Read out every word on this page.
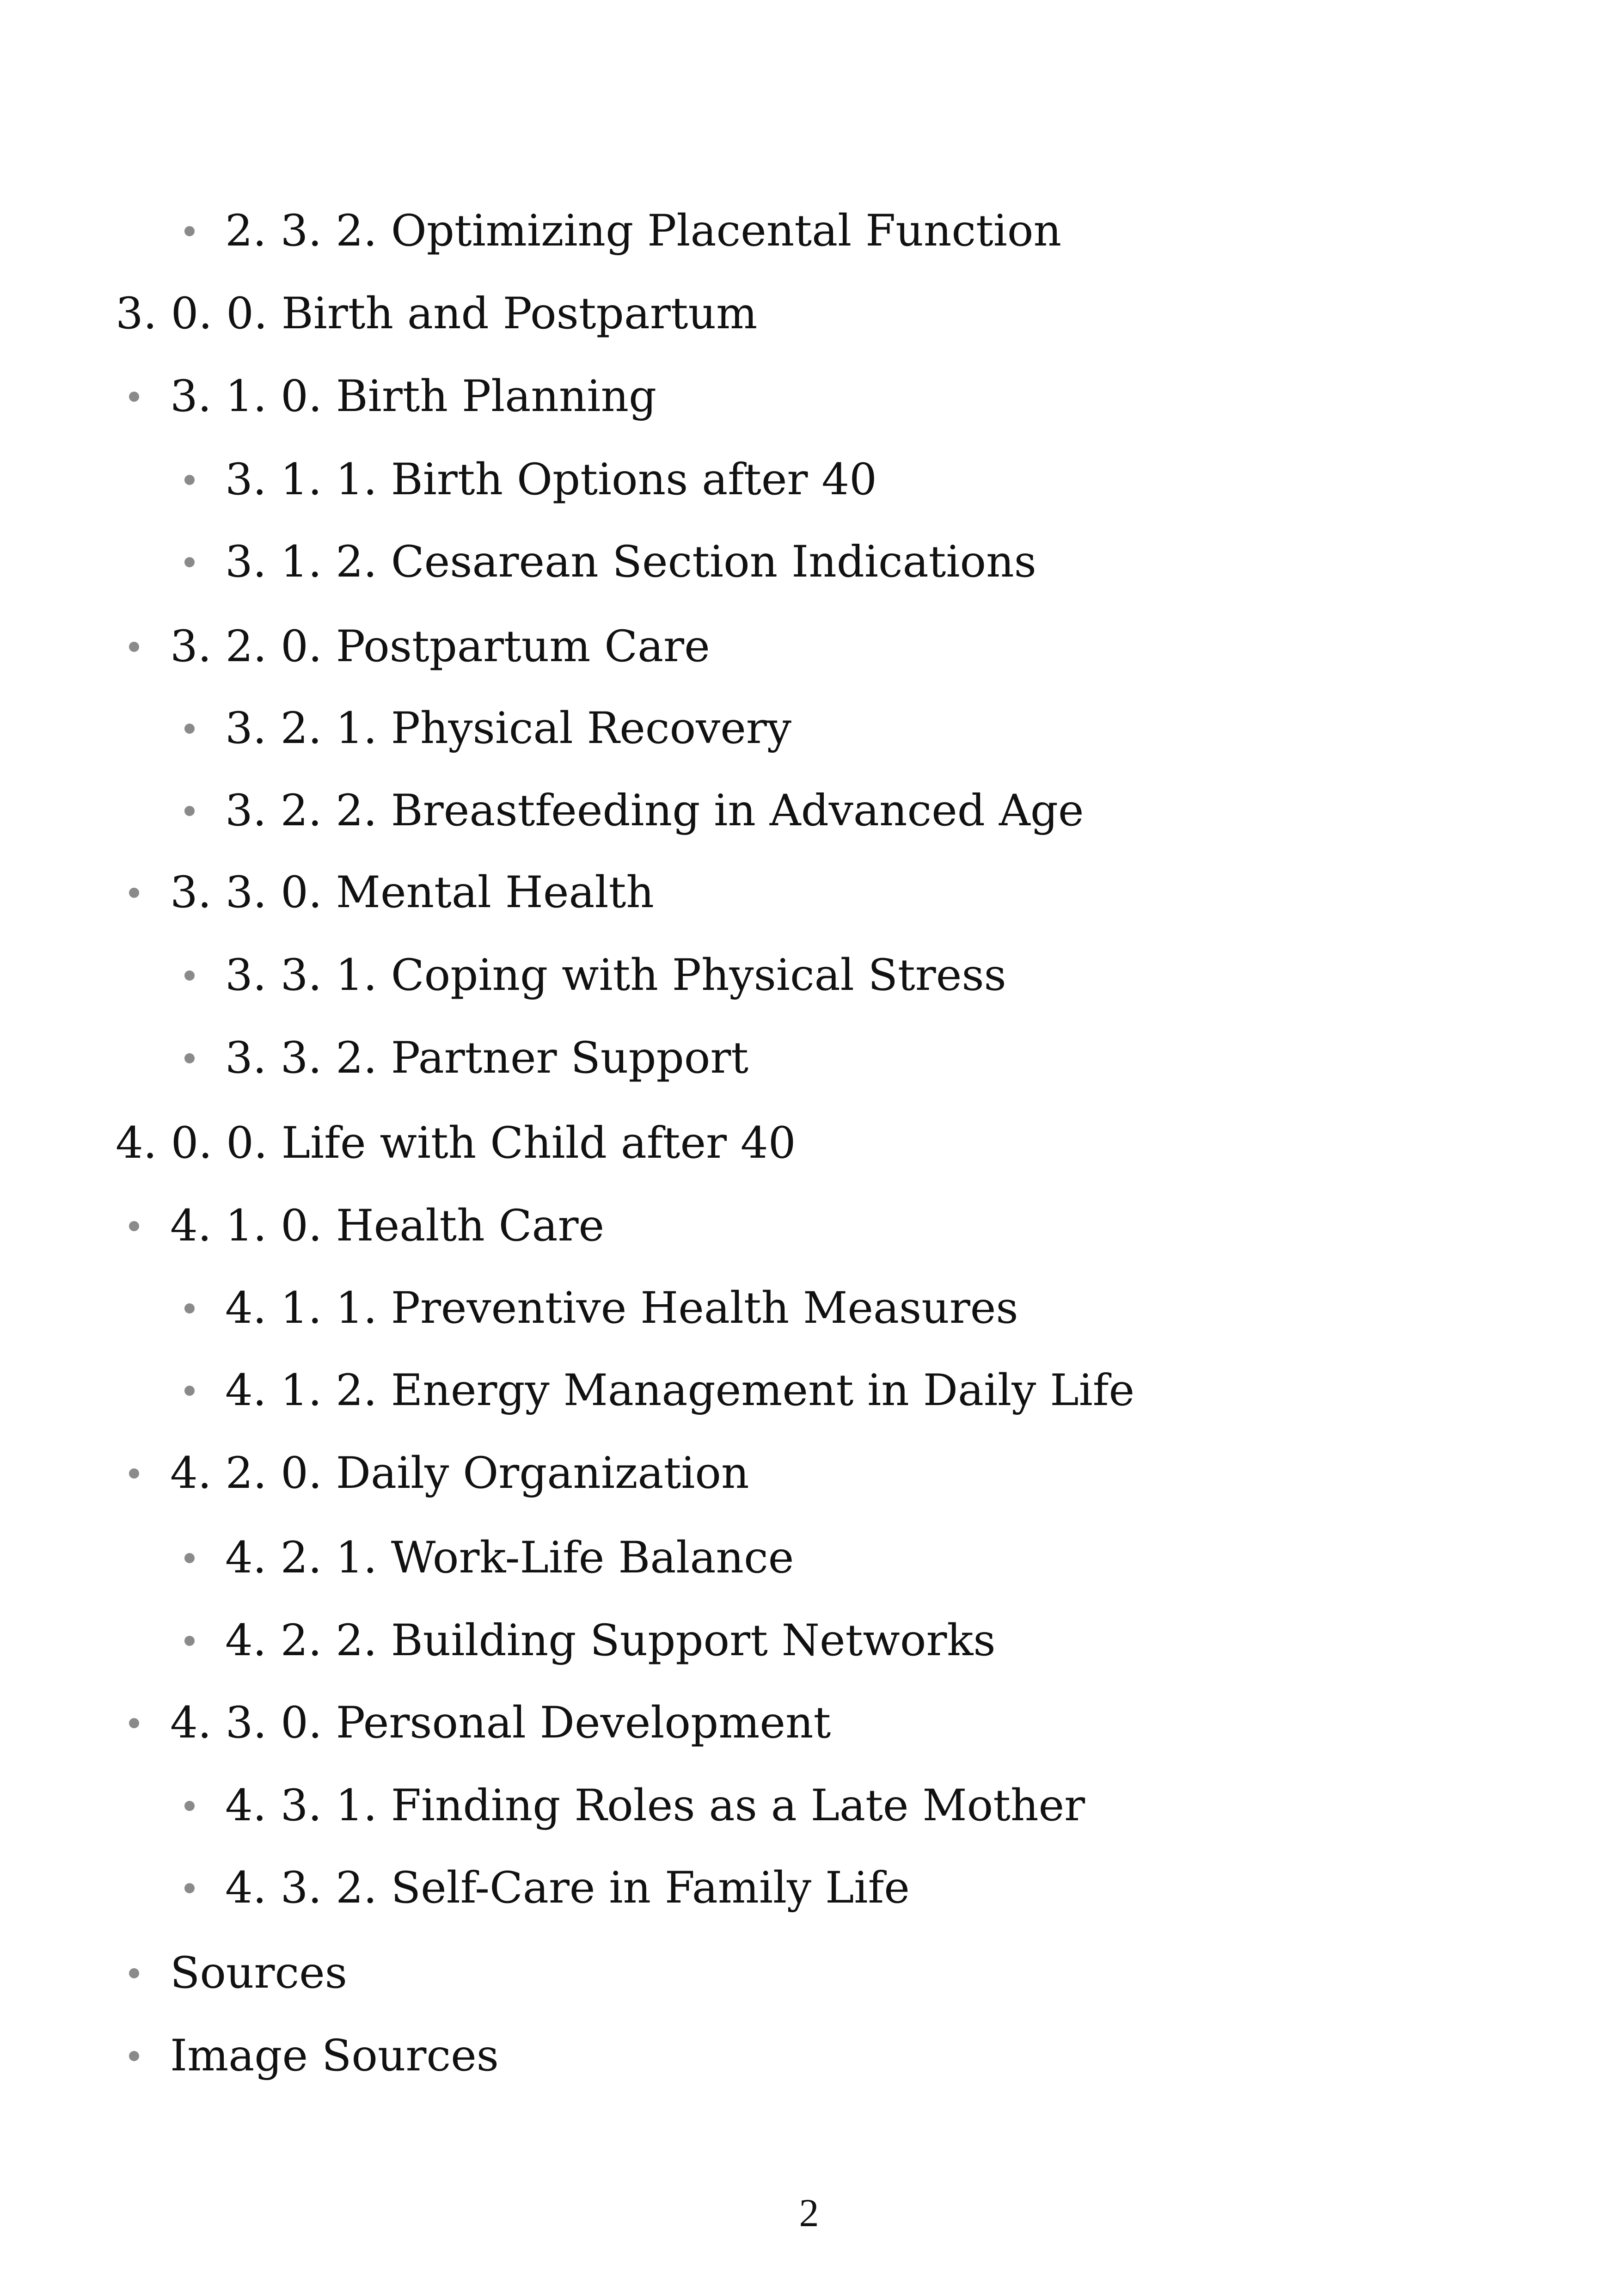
2. 3. 2. Optimizing Placental Function
3. 0. 0. Birth and Postpartum
3. 1. 0. Birth Planning
3. 1. 1. Birth Options after 40
3. 1. 2. Cesarean Section Indications
3. 2. 0. Postpartum Care
3. 2. 1. Physical Recovery
3. 2. 2. Breastfeeding in Advanced Age
3. 3. 0. Mental Health
3. 3. 1. Coping with Physical Stress
3. 3. 2. Partner Support
4. 0. 0. Life with Child after 40
4. 1. 0. Health Care
4. 1. 1. Preventive Health Measures
4. 1. 2. Energy Management in Daily Life
4. 2. 0. Daily Organization
4. 2. 1. Work-Life Balance
4. 2. 2. Building Support Networks
4. 3. 0. Personal Development
4. 3. 1. Finding Roles as a Late Mother
4. 3. 2. Self-Care in Family Life
Sources
Image Sources
2
